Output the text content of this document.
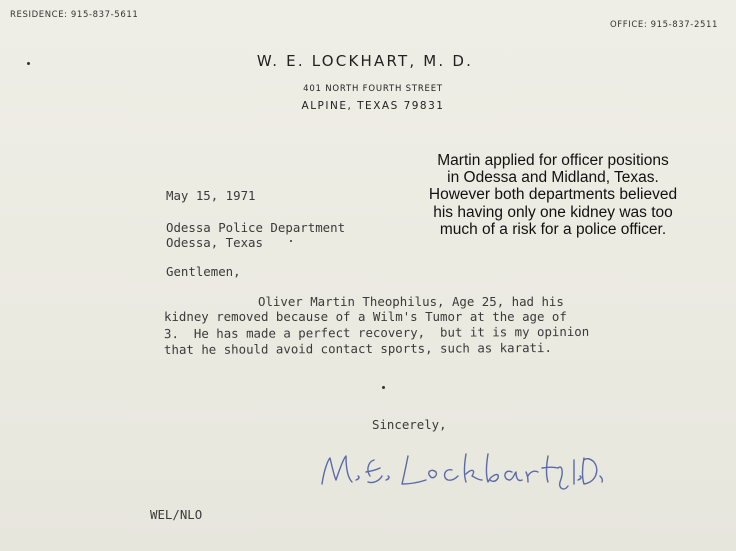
RESIDENCE: 915-837-5611
OFFICE: 915-837-2511
W. E. LOCKHART, M. D.
401 NORTH FOURTH STREET
ALPINE, TEXAS 79831
Martin applied for officer positions
in Odessa and Midland, Texas.
However both departments believed
his having only one kidney was too
much of a risk for a police officer.
May 15, 1971
Odessa Police Department
Odessa, Texas
Gentlemen,
Oliver Martin Theophilus, Age 25, had his
kidney removed because of a Wilm's Tumor at the age of
3.  He has made a perfect recovery,  but it is my opinion
that he should avoid contact sports, such as karati.
Sincerely,
WEL/NLO
